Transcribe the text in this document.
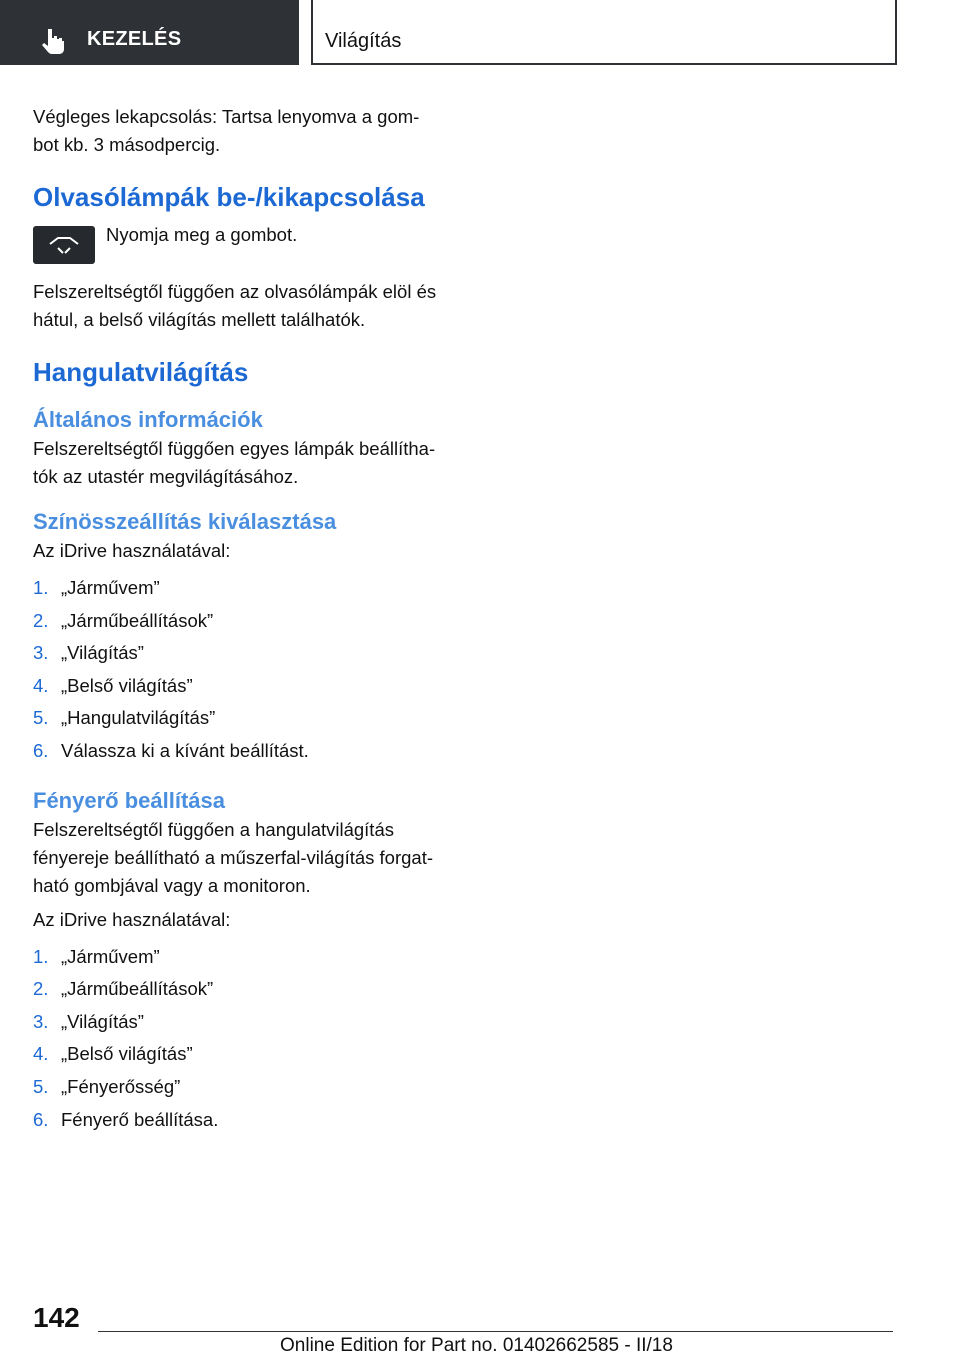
KEZELÉS	Világítás

Végleges lekapcsolás: Tartsa lenyomva a gombot kb. 3 másodpercig.

Olvasólámpák be-/kikapcsolása

Nyomja meg a gombot.

Felszereltségtől függően az olvasólámpák elöl és hátul, a belső világítás mellett találhatók.

Hangulatvilágítás
Általános információk

Felszereltségtől függően egyes lámpák beállíthatók az utastér megvilágításához.

Színösszeállítás kiválasztása

Az iDrive használatával:

1. „Járművem”
2. „Járműbeállítások”
3. „Világítás”
4. „Belső világítás”
5. „Hangulatvilágítás”
6. Válassza ki a kívánt beállítást.
Fényerő beállítása

Felszereltségtől függően a hangulatvilágítás fényereje beállítható a műszerfal-világítás forgatható gombjával vagy a monitoron.

Az iDrive használatával:

1. „Járművem”
2. „Járműbeállítások”
3. „Világítás”
4. „Belső világítás”
5. „Fényerősség”
6. Fényerő beállítása.
142
Online Edition for Part no. 01402662585 - II/18
